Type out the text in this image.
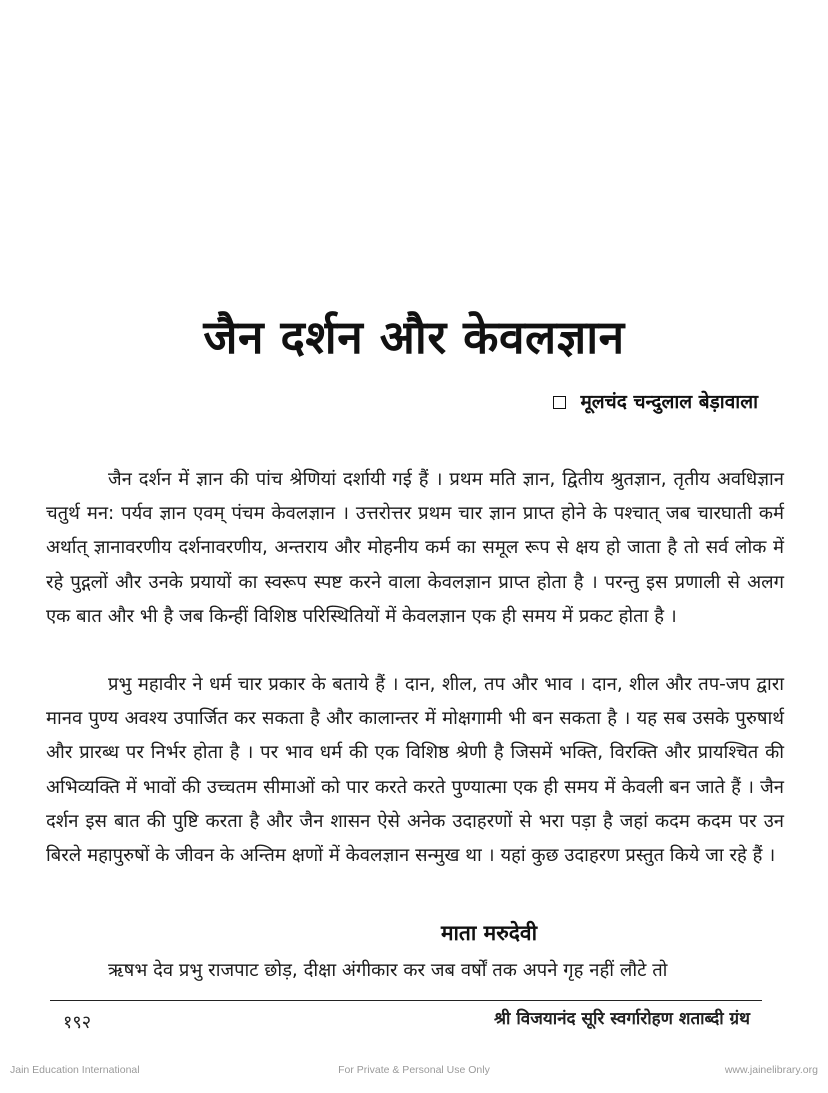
जैन दर्शन और केवलज्ञान
मूलचंद चन्दुलाल बेड़ावाला

जैन दर्शन में ज्ञान की पांच श्रेणियां दर्शायी गई हैं । प्रथम मति ज्ञान, द्वितीय श्रुतज्ञान, तृतीय अवधिज्ञान चतुर्थ मन: पर्यव ज्ञान एवम् पंचम केवलज्ञान । उत्तरोत्तर प्रथम चार ज्ञान प्राप्त होने के पश्चात् जब चारघाती कर्म अर्थात् ज्ञानावरणीय दर्शनावरणीय, अन्तराय और मोहनीय कर्म का समूल रूप से क्षय हो जाता है तो सर्व लोक में रहे पुद्गलों और उनके प्रयायों का स्वरूप स्पष्ट करने वाला केवलज्ञान प्राप्त होता है । परन्तु इस प्रणाली से अलग एक बात और भी है जब किन्हीं विशिष्ठ परिस्थितियों में केवलज्ञान एक ही समय में प्रकट होता है ।

प्रभु महावीर ने धर्म चार प्रकार के बताये हैं । दान, शील, तप और भाव । दान, शील और तप-जप द्वारा मानव पुण्य अवश्य उपार्जित कर सकता है और कालान्तर में मोक्षगामी भी बन सकता है । यह सब उसके पुरुषार्थ और प्रारब्ध पर निर्भर होता है । पर भाव धर्म की एक विशिष्ठ श्रेणी है जिसमें भक्ति, विरक्ति और प्रायश्चित की अभिव्यक्ति में भावों की उच्चतम सीमाओं को पार करते करते पुण्यात्मा एक ही समय में केवली बन जाते हैं । जैन दर्शन इस बात की पुष्टि करता है और जैन शासन ऐसे अनेक उदाहरणों से भरा पड़ा है जहां कदम कदम पर उन बिरले महापुरुषों के जीवन के अन्तिम क्षणों में केवलज्ञान सन्मुख था । यहां कुछ उदाहरण प्रस्तुत किये जा रहे हैं ।

माता मरुदेवी

ऋषभ देव प्रभु राजपाट छोड़, दीक्षा अंगीकार कर जब वर्षों तक अपने गृह नहीं लौटे तो

१९२	श्री विजयानंद सूरि स्वर्गारोहण शताब्दी ग्रंथ
Jain Education International	For Private & Personal Use Only	www.jainelibrary.org
